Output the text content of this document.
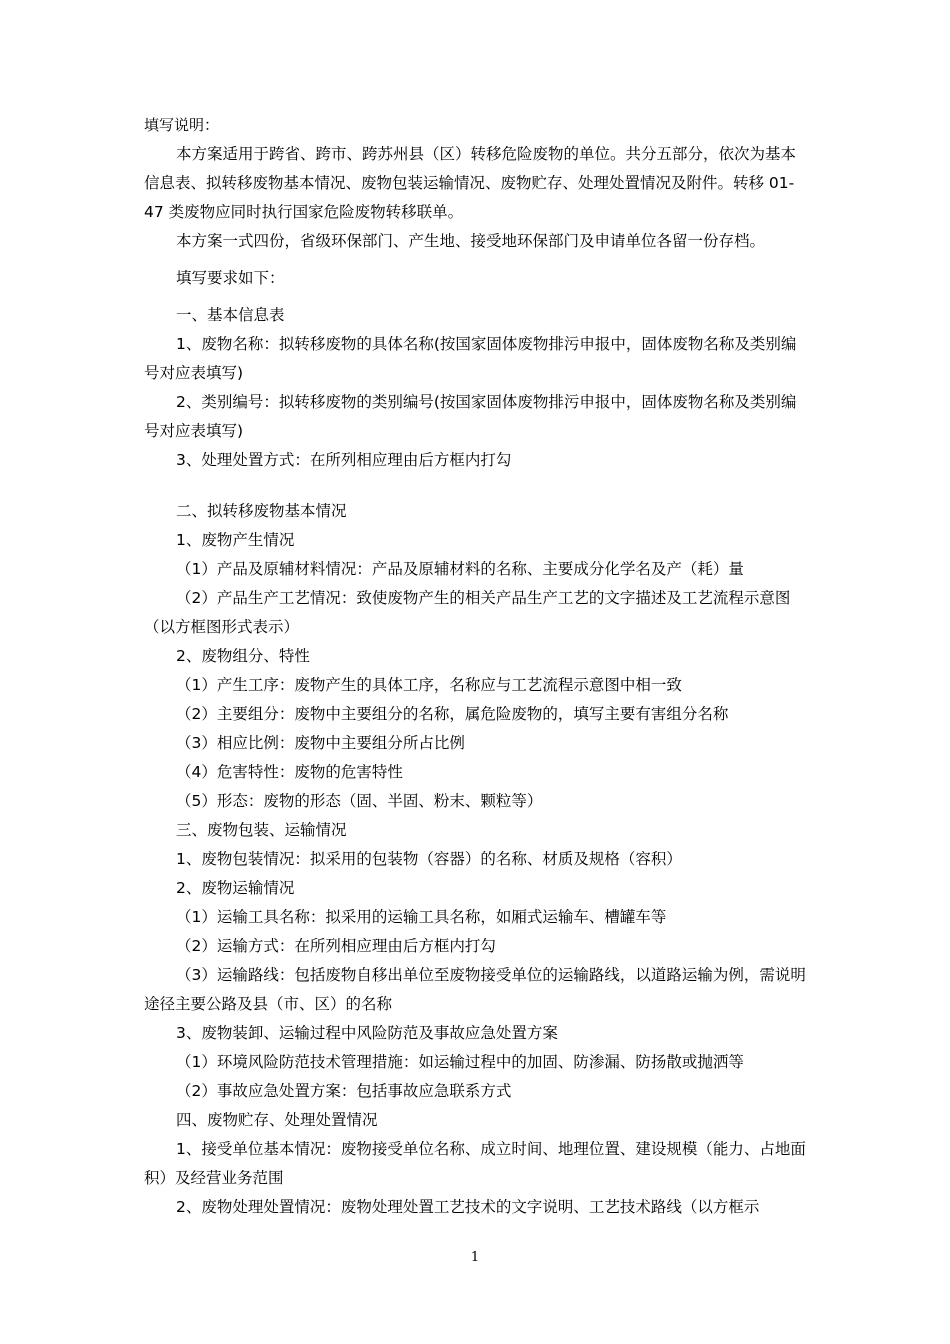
填写说明：

本方案适用于跨省、跨市、跨苏州县（区）转移危险废物的单位。共分五部分，依次为基本信息表、拟转移废物基本情况、废物包装运输情况、废物贮存、处理处置情况及附件。转移 01-47 类废物应同时执行国家危险废物转移联单。

本方案一式四份，省级环保部门、产生地、接受地环保部门及申请单位各留一份存档。

填写要求如下：

一、基本信息表

1、废物名称：拟转移废物的具体名称(按国家固体废物排污申报中，固体废物名称及类别编号对应表填写)

2、类别编号：拟转移废物的类别编号(按国家固体废物排污申报中，固体废物名称及类别编号对应表填写)

3、处理处置方式：在所列相应理由后方框内打勾

二、拟转移废物基本情况

1、废物产生情况

（1）产品及原辅材料情况：产品及原辅材料的名称、主要成分化学名及产（耗）量

（2）产品生产工艺情况：致使废物产生的相关产品生产工艺的文字描述及工艺流程示意图（以方框图形式表示）

2、废物组分、特性

（1）产生工序：废物产生的具体工序，名称应与工艺流程示意图中相一致

（2）主要组分：废物中主要组分的名称，属危险废物的，填写主要有害组分名称

（3）相应比例：废物中主要组分所占比例

（4）危害特性：废物的危害特性

（5）形态：废物的形态（固、半固、粉末、颗粒等）

三、废物包装、运输情况

1、废物包装情况：拟采用的包装物（容器）的名称、材质及规格（容积）

2、废物运输情况

（1）运输工具名称：拟采用的运输工具名称，如厢式运输车、槽罐车等

（2）运输方式：在所列相应理由后方框内打勾

（3）运输路线：包括废物自移出单位至废物接受单位的运输路线，以道路运输为例，需说明途径主要公路及县（市、区）的名称

3、废物装卸、运输过程中风险防范及事故应急处置方案

（1）环境风险防范技术管理措施：如运输过程中的加固、防渗漏、防扬散或抛洒等

（2）事故应急处置方案：包括事故应急联系方式

四、废物贮存、处理处置情况

1、接受单位基本情况：废物接受单位名称、成立时间、地理位置、建设规模（能力、占地面积）及经营业务范围

2、废物处理处置情况：废物处理处置工艺技术的文字说明、工艺技术路线（以方框示

1
